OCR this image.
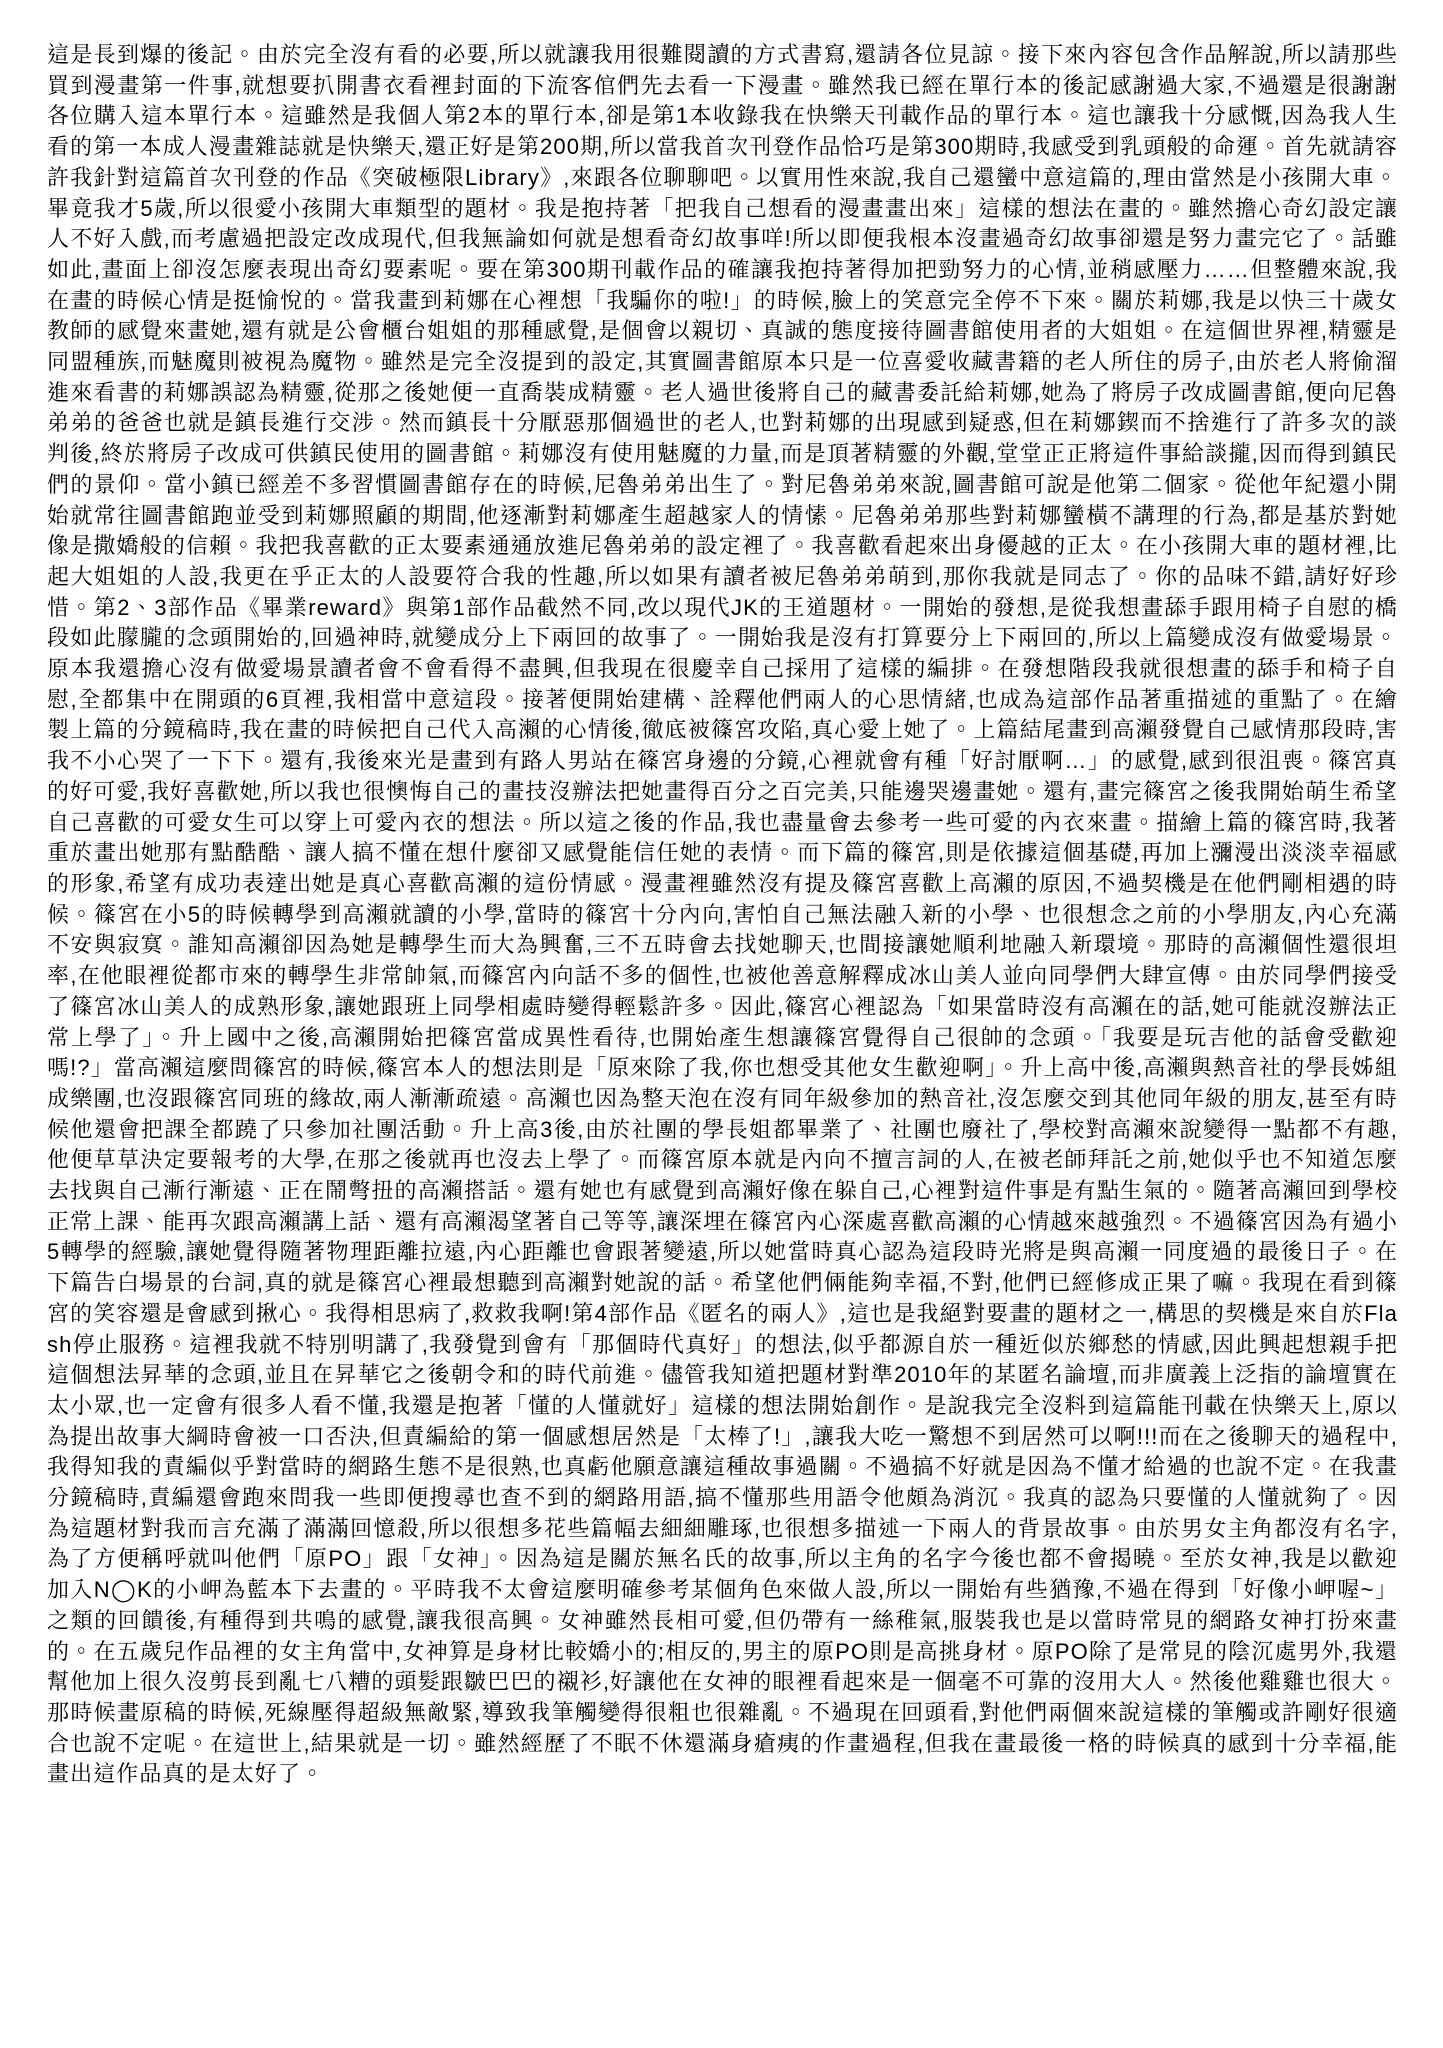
這是長到爆的後記。由於完全沒有看的必要,所以就讓我用很難閱讀的方式書寫,還請各位見諒。接下來內容包含作品解說,所以請那些買到漫畫第一件事,就想要扒開書衣看裡封面的下流客倌們先去看一下漫畫。雖然我已經在單行本的後記感謝過大家,不過還是很謝謝各位購入這本單行本。這雖然是我個人第2本的單行本,卻是第1本收錄我在快樂天刊載作品的單行本。這也讓我十分感慨,因為我人生看的第一本成人漫畫雜誌就是快樂天,還正好是第200期,所以當我首次刊登作品恰巧是第300期時,我感受到乳頭般的命運。首先就請容許我針對這篇首次刊登的作品《突破極限Library》,來跟各位聊聊吧。以實用性來說,我自己還蠻中意這篇的,理由當然是小孩開大車。畢竟我才5歲,所以很愛小孩開大車類型的題材。我是抱持著「把我自己想看的漫畫畫出來」這樣的想法在畫的。雖然擔心奇幻設定讓人不好入戲,而考慮過把設定改成現代,但我無論如何就是想看奇幻故事咩!所以即便我根本沒畫過奇幻故事卻還是努力畫完它了。話雖如此,畫面上卻沒怎麼表現出奇幻要素呢。要在第300期刊載作品的確讓我抱持著得加把勁努力的心情,並稍感壓力……但整體來說,我在畫的時候心情是挺愉悅的。當我畫到莉娜在心裡想「我騙你的啦!」的時候,臉上的笑意完全停不下來。關於莉娜,我是以快三十歲女教師的感覺來畫她,還有就是公會櫃台姐姐的那種感覺,是個會以親切、真誠的態度接待圖書館使用者的大姐姐。在這個世界裡,精靈是同盟種族,而魅魔則被視為魔物。雖然是完全沒提到的設定,其實圖書館原本只是一位喜愛收藏書籍的老人所住的房子,由於老人將偷溜進來看書的莉娜誤認為精靈,從那之後她便一直喬裝成精靈。老人過世後將自己的藏書委託給莉娜,她為了將房子改成圖書館,便向尼魯弟弟的爸爸也就是鎮長進行交涉。然而鎮長十分厭惡那個過世的老人,也對莉娜的出現感到疑惑,但在莉娜鍥而不捨進行了許多次的談判後,終於將房子改成可供鎮民使用的圖書館。莉娜沒有使用魅魔的力量,而是頂著精靈的外觀,堂堂正正將這件事給談攏,因而得到鎮民們的景仰。當小鎮已經差不多習慣圖書館存在的時候,尼魯弟弟出生了。對尼魯弟弟來說,圖書館可說是他第二個家。從他年紀還小開始就常往圖書館跑並受到莉娜照顧的期間,他逐漸對莉娜產生超越家人的情愫。尼魯弟弟那些對莉娜蠻橫不講理的行為,都是基於對她像是撒嬌般的信賴。我把我喜歡的正太要素通通放進尼魯弟弟的設定裡了。我喜歡看起來出身優越的正太。在小孩開大車的題材裡,比起大姐姐的人設,我更在乎正太的人設要符合我的性趣,所以如果有讀者被尼魯弟弟萌到,那你我就是同志了。你的品味不錯,請好好珍惜。第2、3部作品《畢業reward》與第1部作品截然不同,改以現代JK的王道題材。一開始的發想,是從我想畫舔手跟用椅子自慰的橋段如此朦朧的念頭開始的,回過神時,就變成分上下兩回的故事了。一開始我是沒有打算要分上下兩回的,所以上篇變成沒有做愛場景。原本我還擔心沒有做愛場景讀者會不會看得不盡興,但我現在很慶幸自己採用了這樣的編排。在發想階段我就很想畫的舔手和椅子自慰,全都集中在開頭的6頁裡,我相當中意這段。接著便開始建構、詮釋他們兩人的心思情緒,也成為這部作品著重描述的重點了。在繪製上篇的分鏡稿時,我在畫的時候把自己代入高瀨的心情後,徹底被篠宮攻陷,真心愛上她了。上篇結尾畫到高瀨發覺自己感情那段時,害我不小心哭了一下下。還有,我後來光是畫到有路人男站在篠宮身邊的分鏡,心裡就會有種「好討厭啊…」的感覺,感到很沮喪。篠宮真的好可愛,我好喜歡她,所以我也很懊悔自己的畫技沒辦法把她畫得百分之百完美,只能邊哭邊畫她。還有,畫完篠宮之後我開始萌生希望自己喜歡的可愛女生可以穿上可愛內衣的想法。所以這之後的作品,我也盡量會去參考一些可愛的內衣來畫。描繪上篇的篠宮時,我著重於畫出她那有點酷酷、讓人搞不懂在想什麼卻又感覺能信任她的表情。而下篇的篠宮,則是依據這個基礎,再加上瀰漫出淡淡幸福感的形象,希望有成功表達出她是真心喜歡高瀨的這份情感。漫畫裡雖然沒有提及篠宮喜歡上高瀨的原因,不過契機是在他們剛相遇的時候。篠宮在小5的時候轉學到高瀨就讀的小學,當時的篠宮十分內向,害怕自己無法融入新的小學、也很想念之前的小學朋友,內心充滿不安與寂寞。誰知高瀨卻因為她是轉學生而大為興奮,三不五時會去找她聊天,也間接讓她順利地融入新環境。那時的高瀨個性還很坦率,在他眼裡從都市來的轉學生非常帥氣,而篠宮內向話不多的個性,也被他善意解釋成冰山美人並向同學們大肆宣傳。由於同學們接受了篠宮冰山美人的成熟形象,讓她跟班上同學相處時變得輕鬆許多。因此,篠宮心裡認為「如果當時沒有高瀨在的話,她可能就沒辦法正常上學了」。升上國中之後,高瀨開始把篠宮當成異性看待,也開始產生想讓篠宮覺得自己很帥的念頭。「我要是玩吉他的話會受歡迎嗎!?」當高瀨這麼問篠宮的時候,篠宮本人的想法則是「原來除了我,你也想受其他女生歡迎啊」。升上高中後,高瀨與熱音社的學長姊組成樂團,也沒跟篠宮同班的緣故,兩人漸漸疏遠。高瀨也因為整天泡在沒有同年級參加的熱音社,沒怎麼交到其他同年級的朋友,甚至有時候他還會把課全都蹺了只參加社團活動。升上高3後,由於社團的學長姐都畢業了、社團也廢社了,學校對高瀨來說變得一點都不有趣,他便草草決定要報考的大學,在那之後就再也沒去上學了。而篠宮原本就是內向不擅言詞的人,在被老師拜託之前,她似乎也不知道怎麼去找與自己漸行漸遠、正在鬧彆扭的高瀨搭話。還有她也有感覺到高瀨好像在躲自己,心裡對這件事是有點生氣的。隨著高瀨回到學校正常上課、能再次跟高瀨講上話、還有高瀨渴望著自己等等,讓深埋在篠宮內心深處喜歡高瀨的心情越來越強烈。不過篠宮因為有過小5轉學的經驗,讓她覺得隨著物理距離拉遠,內心距離也會跟著變遠,所以她當時真心認為這段時光將是與高瀨一同度過的最後日子。在下篇告白場景的台詞,真的就是篠宮心裡最想聽到高瀨對她說的話。希望他們倆能夠幸福,不對,他們已經修成正果了嘛。我現在看到篠宮的笑容還是會感到揪心。我得相思病了,救救我啊!第4部作品《匿名的兩人》,這也是我絕對要畫的題材之一,構思的契機是來自於Flash停止服務。這裡我就不特別明講了,我發覺到會有「那個時代真好」的想法,似乎都源自於一種近似於鄉愁的情感,因此興起想親手把這個想法昇華的念頭,並且在昇華它之後朝令和的時代前進。儘管我知道把題材對準2010年的某匿名論壇,而非廣義上泛指的論壇實在太小眾,也一定會有很多人看不懂,我還是抱著「懂的人懂就好」這樣的想法開始創作。是說我完全沒料到這篇能刊載在快樂天上,原以為提出故事大綱時會被一口否決,但責編給的第一個感想居然是「太棒了!」,讓我大吃一驚想不到居然可以啊!!!而在之後聊天的過程中,我得知我的責編似乎對當時的網路生態不是很熟,也真虧他願意讓這種故事過關。不過搞不好就是因為不懂才給過的也說不定。在我畫分鏡稿時,責編還會跑來問我一些即便搜尋也查不到的網路用語,搞不懂那些用語令他頗為消沉。我真的認為只要懂的人懂就夠了。因為這題材對我而言充滿了滿滿回憶殺,所以很想多花些篇幅去細細雕琢,也很想多描述一下兩人的背景故事。由於男女主角都沒有名字,為了方便稱呼就叫他們「原PO」跟「女神」。因為這是關於無名氏的故事,所以主角的名字今後也都不會揭曉。至於女神,我是以歡迎加入N◯K的小岬為藍本下去畫的。平時我不太會這麼明確參考某個角色來做人設,所以一開始有些猶豫,不過在得到「好像小岬喔~」之類的回饋後,有種得到共鳴的感覺,讓我很高興。女神雖然長相可愛,但仍帶有一絲稚氣,服裝我也是以當時常見的網路女神打扮來畫的。在五歲兒作品裡的女主角當中,女神算是身材比較嬌小的;相反的,男主的原PO則是高挑身材。原PO除了是常見的陰沉處男外,我還幫他加上很久沒剪長到亂七八糟的頭髮跟皺巴巴的襯衫,好讓他在女神的眼裡看起來是一個毫不可靠的沒用大人。然後他雞雞也很大。那時候畫原稿的時候,死線壓得超級無敵緊,導致我筆觸變得很粗也很雜亂。不過現在回頭看,對他們兩個來說這樣的筆觸或許剛好很適合也說不定呢。在這世上,結果就是一切。雖然經歷了不眠不休還滿身瘡痍的作畫過程,但我在畫最後一格的時候真的感到十分幸福,能畫出這作品真的是太好了。
